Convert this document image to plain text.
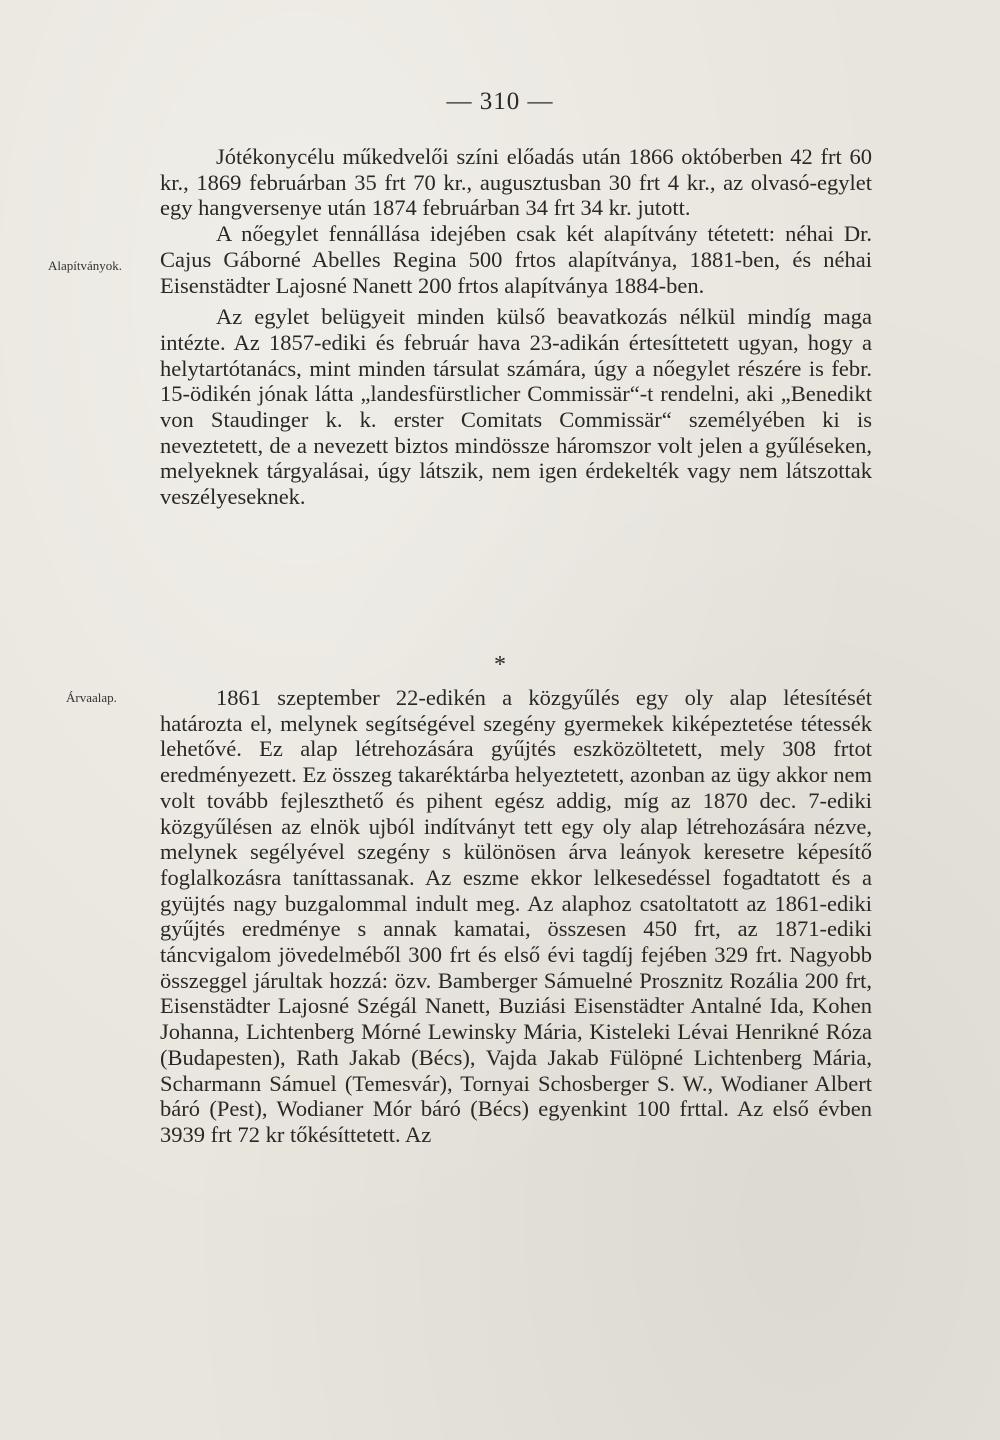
— 310 —
Alapítványok.
Árvaalap.

Jótékonycélu műkedvelői színi előadás után 1866 októberben 42 frt 60 kr., 1869 februárban 35 frt 70 kr., augusztusban 30 frt 4 kr., az olvasó-egylet egy hangversenye után 1874 februárban 34 frt 34 kr. jutott.

A nőegylet fennállása idejében csak két alapítvány tétetett: néhai Dr. Cajus Gáborné Abelles Regina 500 frtos alapítványa, 1881-ben, és néhai Eisenstädter Lajosné Nanett 200 frtos alapítványa 1884-ben.

Az egylet belügyeit minden külső beavatkozás nélkül mindíg maga intézte. Az 1857-ediki és február hava 23-adikán értesíttetett ugyan, hogy a helytartótanács, mint minden társulat számára, úgy a nőegylet részére is febr. 15-ödikén jónak látta „landesfürstlicher Commissär“-t rendelni, aki „Benedikt von Staudinger k. k. erster Comitats Commissär“ személyében ki is neveztetett, de a nevezett biztos mindössze háromszor volt jelen a gyűléseken, melyeknek tárgyalásai, úgy látszik, nem igen érdekelték vagy nem látszottak veszélyeseknek.

*

1861 szeptember 22-edikén a közgyűlés egy oly alap létesítését határozta el, melynek segítségével szegény gyermekek kiképeztetése tétessék lehetővé. Ez alap létrehozására gyűjtés eszközöltetett, mely 308 frtot eredményezett. Ez összeg takaréktárba helyeztetett, azonban az ügy akkor nem volt tovább fejleszthető és pihent egész addig, míg az 1870 dec. 7-ediki közgyűlésen az elnök ujból indítványt tett egy oly alap létrehozására nézve, melynek segélyével szegény s különösen árva leányok keresetre képesítő foglalkozásra taníttassanak. Az eszme ekkor lelkesedéssel fogadtatott és a gyüjtés nagy buzgalommal indult meg. Az alaphoz csatoltatott az 1861-ediki gyűjtés eredménye s annak kamatai, összesen 450 frt, az 1871-ediki táncvigalom jövedelméből 300 frt és első évi tagdíj fejében 329 frt. Nagyobb összeggel járultak hozzá: özv. Bamberger Sámuelné Prosznitz Rozália 200 frt, Eisenstädter Lajosné Szégál Nanett, Buziási Eisenstädter Antalné Ida, Kohen Johanna, Lichtenberg Mórné Lewinsky Mária, Kisteleki Lévai Henrikné Róza (Budapesten), Rath Jakab (Bécs), Vajda Jakab Fülöpné Lichtenberg Mária, Scharmann Sámuel (Temesvár), Tornyai Schosberger S. W., Wodianer Albert báró (Pest), Wodianer Mór báró (Bécs) egyenkint 100 frttal. Az első évben 3939 frt 72 kr tőkésíttetett. Az
